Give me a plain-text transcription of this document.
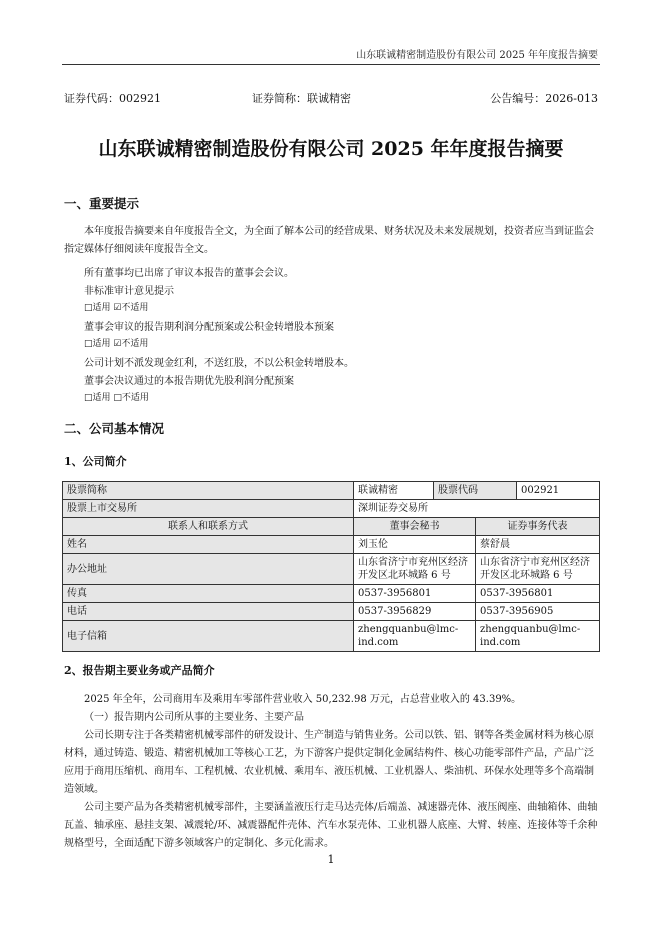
山东联诚精密制造股份有限公司 2025 年年度报告摘要
证券代码：002921	证券简称：联诚精密	公告编号：2026-013
山东联诚精密制造股份有限公司 2025 年年度报告摘要
一、重要提示
本年度报告摘要来自年度报告全文，为全面了解本公司的经营成果、财务状况及未来发展规划，投资者应当到证监会指定媒体仔细阅读年度报告全文。
所有董事均已出席了审议本报告的董事会会议。
非标准审计意见提示
□适用 ☑不适用
董事会审议的报告期利润分配预案或公积金转增股本预案
□适用 ☑不适用
公司计划不派发现金红利，不送红股，不以公积金转增股本。
董事会决议通过的本报告期优先股利润分配预案
□适用 □不适用
二、公司基本情况
1、公司简介
股票简称	联诚精密	股票代码		002921
股票上市交易所	深圳证券交易所			
联系人和联系方式	董事会秘书		证券事务代表	
姓名	刘玉伦		蔡舒晨	
办公地址	山东省济宁市兖州区经济开发区北环城路 6 号		山东省济宁市兖州区经济开发区北环城路 6 号	
传真	0537-3956801		0537-3956801	
电话	0537-3956829		0537-3956905	
电子信箱	zhengquanbu@lmc-ind.com		zhengquanbu@lmc-ind.com	
2、报告期主要业务或产品简介
2025 年全年，公司商用车及乘用车零部件营业收入 50,232.98 万元，占总营业收入的 43.39%。
（一）报告期内公司所从事的主要业务、主要产品
公司长期专注于各类精密机械零部件的研发设计、生产制造与销售业务。公司以铁、铝、钢等各类金属材料为核心原材料，通过铸造、锻造、精密机械加工等核心工艺，为下游客户提供定制化金属结构件、核心功能零部件产品，产品广泛应用于商用压缩机、商用车、工程机械、农业机械、乘用车、液压机械、工业机器人、柴油机、环保水处理等多个高端制造领域。
公司主要产品为各类精密机械零部件，主要涵盖液压行走马达壳体/后端盖、减速器壳体、液压阀座、曲轴箱体、曲轴瓦盖、轴承座、悬挂支架、减震轮/环、减震器配件壳体、汽车水泵壳体、工业机器人底座、大臂、转座、连接体等千余种规格型号，全面适配下游多领域客户的定制化、多元化需求。
1
